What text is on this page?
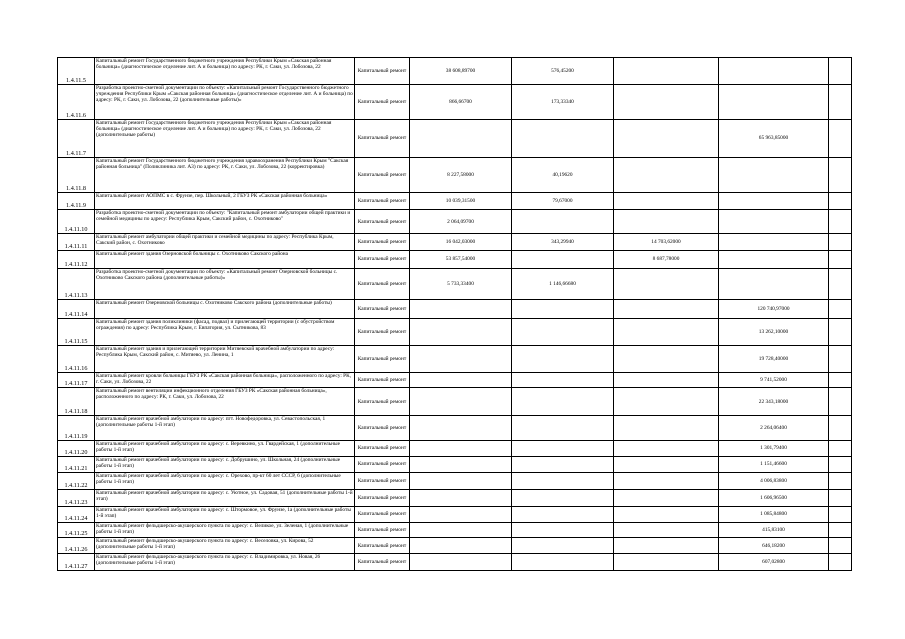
1.4.11.5	Капитальный ремонт Государственного бюджетного учреждения Республики Крым «Сакская районная больница» (диагностическое отделение лит. А и больница) по адресу: РК, г. Саки, ул. Лобозова, 22	Капитальный ремонт	38 608,89700	576,45200			
1.4.11.6	Разработка проектно-сметной документации по объекту: «Капитальный ремонт Государственного бюджетного учреждения Республики Крым «Сакская районная больница» (диагностическое отделение лит. А и больница) по адресу: РК, г. Саки, ул. Лобозова, 22 (дополнительные работы)»	Капитальный ремонт	866,66700	173,33340			
1.4.11.7	Капитальный ремонт Государственного бюджетного учреждения Республики Крым «Сакская районная больница» (диагностическое отделение лит. А и больница) по адресу: РК, г. Саки, ул. Лобозова, 22 (дополнительные работы)	Капитальный ремонт				65 963,85000	
1.4.11.8	Капитальный ремонт Государственного бюджетного учреждения здравоохранения Республики Крым "Сакская районная больница" (Поликлиника лит. А3) по адресу: РК, г. Саки, ул. Лобозова, 22 (корректировка)	Капитальный ремонт	8 227,58000	40,19620			
1.4.11.9	Капитальный ремонт АОПМС в с. Фрунзе, пер. Школьный, 2 ГБУЗ РК «Сакская районная больница»	Капитальный ремонт	10 039,31500	79,67000			
1.4.11.10	Разработка проектно-сметной документации по объекту: "Капитальный ремонт амбулатории общей практики и семейной медицины по адресу: Республика Крым, Сакский район, с. Охотниково"	Капитальный ремонт	2 064,09700				
1.4.11.11	Капитальный ремонт амбулатории общей практики и семейной медицины по адресу: Республика Крым, Сакский район, с. Охотниково	Капитальный ремонт	16 042,03000	343,29940	14 703,62000		
1.4.11.12	Капитальный ремонт здания Озерновской больницы с. Охотниково Сакского района	Капитальный ремонт	53 857,54000		8 687,78000		
1.4.11.13	Разработка проектно-сметной документации по объекту: «Капитальный ремонт Озерновской больницы с. Охотниково Сакского района (дополнительные работы)»	Капитальный ремонт	5 733,33400	1 146,66680			
1.4.11.14	Капитальный ремонт Озерновской больницы с. Охотниково Сакского района (дополнительные работы)	Капитальный ремонт				120 740,97000	
1.4.11.15	Капитальный ремонт здания поликлиники (фасад, подвал) и прилегающей территории (с обустройством ограждения) по адресу: Республика Крым, г. Евпатория, ул. Сытникова, 83	Капитальный ремонт				13 262,10000	
1.4.11.16	Капитальный ремонт здания и прилегающей территории Митяевской врачебной амбулатории по адресу: Республика Крым, Сакский район, с. Митяево, ул. Ленина, 1	Капитальный ремонт				19 728,40000	
1.4.11.17	Капитальный ремонт кровли больницы ГБУЗ РК «Сакская районная больница», расположенного по адресу: РК, г. Саки, ул. Лобозова, 22	Капитальный ремонт				9 741,52000	
1.4.11.18	Капитальный ремонт вентиляции инфекционного отделения ГБУЗ РК «Сакская районная больница», расположенного по адресу: РК, г. Саки, ул. Лобозова, 22	Капитальный ремонт				22 343,18000	
1.4.11.19	Капитальный ремонт врачебной амбулатории по адресу: пгт. Новофедоровка, ул. Севастопольская, 1 (дополнительные работы 1-й этап)	Капитальный ремонт				2 264,06400	
1.4.11.20	Капитальный ремонт врачебной амбулатории по адресу: с. Веревкино, ул. Гвардейская, 1 (дополнительные работы 1-й этап)	Капитальный ремонт				1 301,79400	
1.4.11.21	Капитальный ремонт врачебной амбулатории по адресу: с. Добрушино, ул. Школьная, 24 (дополнительные работы 1-й этап)	Капитальный ремонт				1 151,46600	
1.4.11.22	Капитальный ремонт врачебной амбулатории по адресу: с. Орехово, пр-кт 60 лет СССР, 6 (дополнительные работы 1-й этап)	Капитальный ремонт				4 006,83800	
1.4.11.23	Капитальный ремонт врачебной амбулатории по адресу: с. Уютное, ул. Садовая, 51 (дополнительные работы 1-й этап)	Капитальный ремонт				1 606,96500	
1.4.11.24	Капитальный ремонт врачебной амбулатории по адресу: с. Штормовое, ул. Фрунзе, 1а (дополнительные работы 1-й этап)	Капитальный ремонт				1 085,84800	
1.4.11.25	Капитальный ремонт фельдшерско-акушерского пункта по адресу: с. Великое, ул. Зеленая, 1 (дополнительные работы 1-й этап)	Капитальный ремонт				415,83100	
1.4.11.26	Капитальный ремонт фельдшерско-акушерского пункта по адресу: с. Веселовка, ул. Кирова, 52 (дополнительные работы 1-й этап)	Капитальный ремонт				646,18200	
1.4.11.27	Капитальный ремонт фельдшерско-акушерского пункта по адресу: с. Владимировка, ул. Новая, 26 (дополнительные работы 1-й этап)	Капитальный ремонт				607,02800	
